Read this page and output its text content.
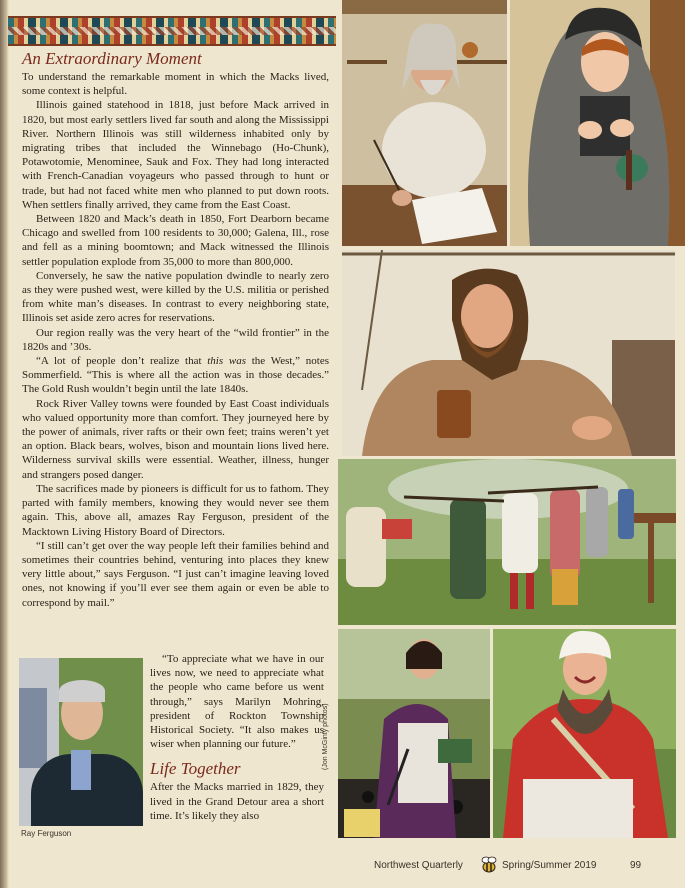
An Extraordinary Moment

To understand the remarkable moment in which the Macks lived, some context is helpful.

Illinois gained statehood in 1818, just before Mack arrived in 1820, but most early settlers lived far south and along the Mississippi River. Northern Illinois was still wilderness inhabited only by migrating tribes that included the Winnebago (Ho-Chunk), Potawotomie, Menominee, Sauk and Fox. They had long interacted with French-Canadian voyageurs who passed through to hunt or trade, but had not faced white men who planned to put down roots. When settlers finally arrived, they came from the East Coast.

Between 1820 and Mack’s death in 1850, Fort Dearborn became Chicago and swelled from 100 residents to 30,000; Galena, Ill., rose and fell as a mining boomtown; and Mack witnessed the Illinois settler population explode from 35,000 to more than 800,000.

Conversely, he saw the native population dwindle to nearly zero as they were pushed west, were killed by the U.S. militia or perished from white man’s diseases. In contrast to every neighboring state, Illinois set aside zero acres for reservations.

Our region really was the very heart of the “wild frontier” in the 1820s and ’30s.

“A lot of people don’t realize that this was the West,” notes Sommerfield. “This is where all the action was in those decades.” The Gold Rush wouldn’t begin until the late 1840s.

Rock River Valley towns were founded by East Coast individuals who valued opportunity more than comfort. They journeyed here by the power of animals, river rafts or their own feet; trains weren’t yet an option. Black bears, wolves, bison and mountain lions lived here. Wilderness survival skills were essential. Weather, illness, hunger and strangers posed danger.

The sacrifices made by pioneers is difficult for us to fathom. They parted with family members, knowing they would never see them again. This, above all, amazes Ray Ferguson, president of the Macktown Living History Board of Directors.

“I still can’t get over the way people left their families behind and sometimes their countries behind, venturing into places they knew very little about,” says Ferguson. “I just can’t imagine leaving loved ones, not knowing if you’ll ever see them again or even be able to correspond by mail.”

Ray Ferguson

“To appreciate what we have in our lives now, we need to appreciate what the people who came before us went through,” says Marilyn Mohring, president of Rockton Township Historical Society. “It also makes us wiser when planning our future.”

Life Together

After the Macks married in 1829, they lived in the Grand Detour area a short time. It’s likely they also

(Jon McGinty photos)
Northwest Quarterly	Spring/Summer 2019	99
